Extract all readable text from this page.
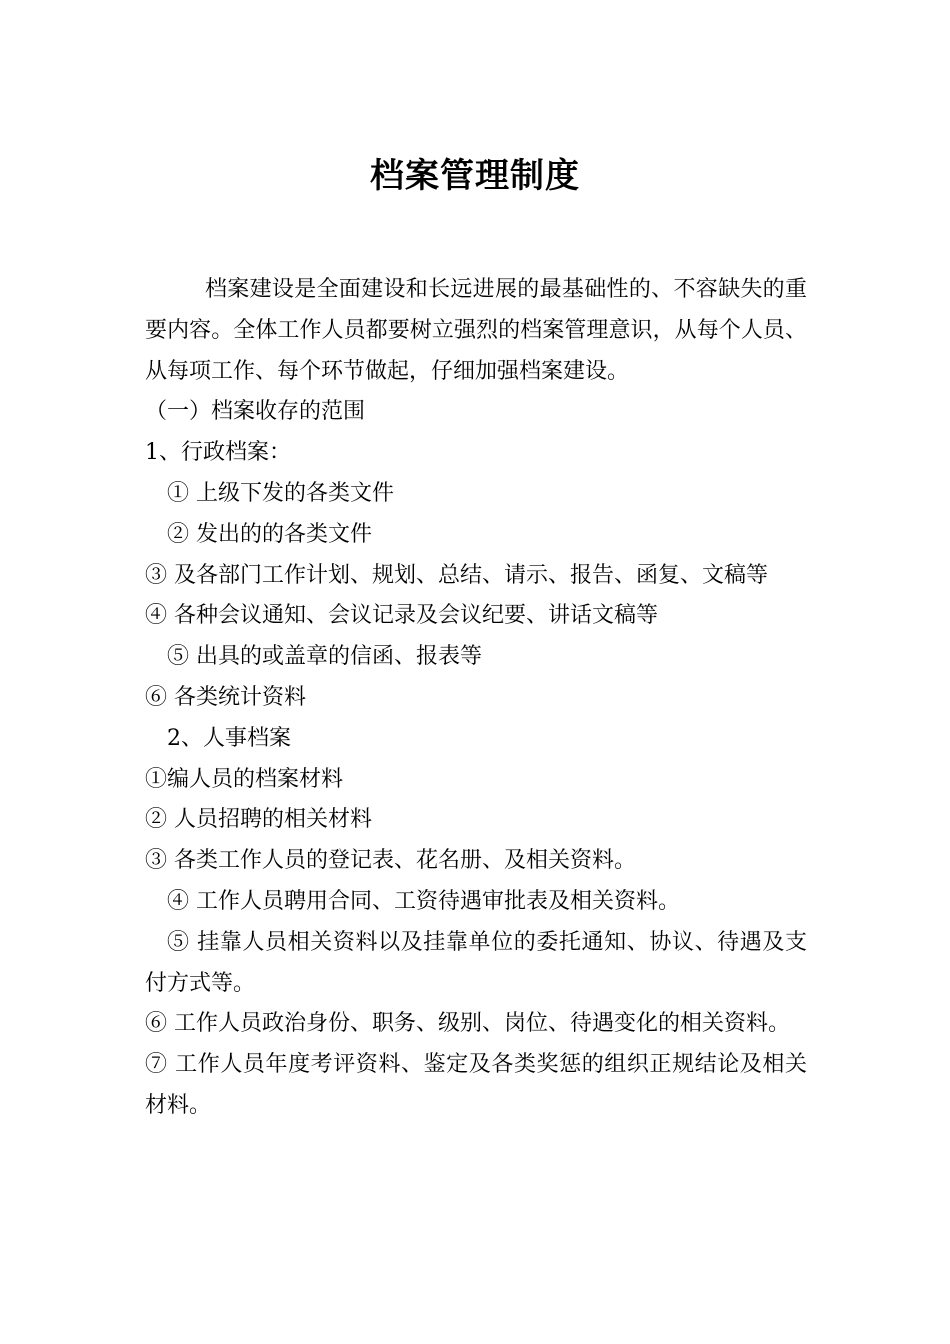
档案管理制度

档案建设是全面建设和长远进展的最基础性的、不容缺失的重要内容。全体工作人员都要树立强烈的档案管理意识，从每个人员、从每项工作、每个环节做起，仔细加强档案建设。

（一）档案收存的范围

1、行政档案：

① 上级下发的各类文件

② 发出的的各类文件

③ 及各部门工作计划、规划、总结、请示、报告、函复、文稿等

④ 各种会议通知、会议记录及会议纪要、讲话文稿等

⑤ 出具的或盖章的信函、报表等

⑥ 各类统计资料

2、人事档案

①编人员的档案材料

② 人员招聘的相关材料

③ 各类工作人员的登记表、花名册、及相关资料。

④ 工作人员聘用合同、工资待遇审批表及相关资料。

⑤ 挂靠人员相关资料以及挂靠单位的委托通知、协议、待遇及支付方式等。

⑥ 工作人员政治身份、职务、级别、岗位、待遇变化的相关资料。

⑦ 工作人员年度考评资料、鉴定及各类奖惩的组织正规结论及相关材料。
